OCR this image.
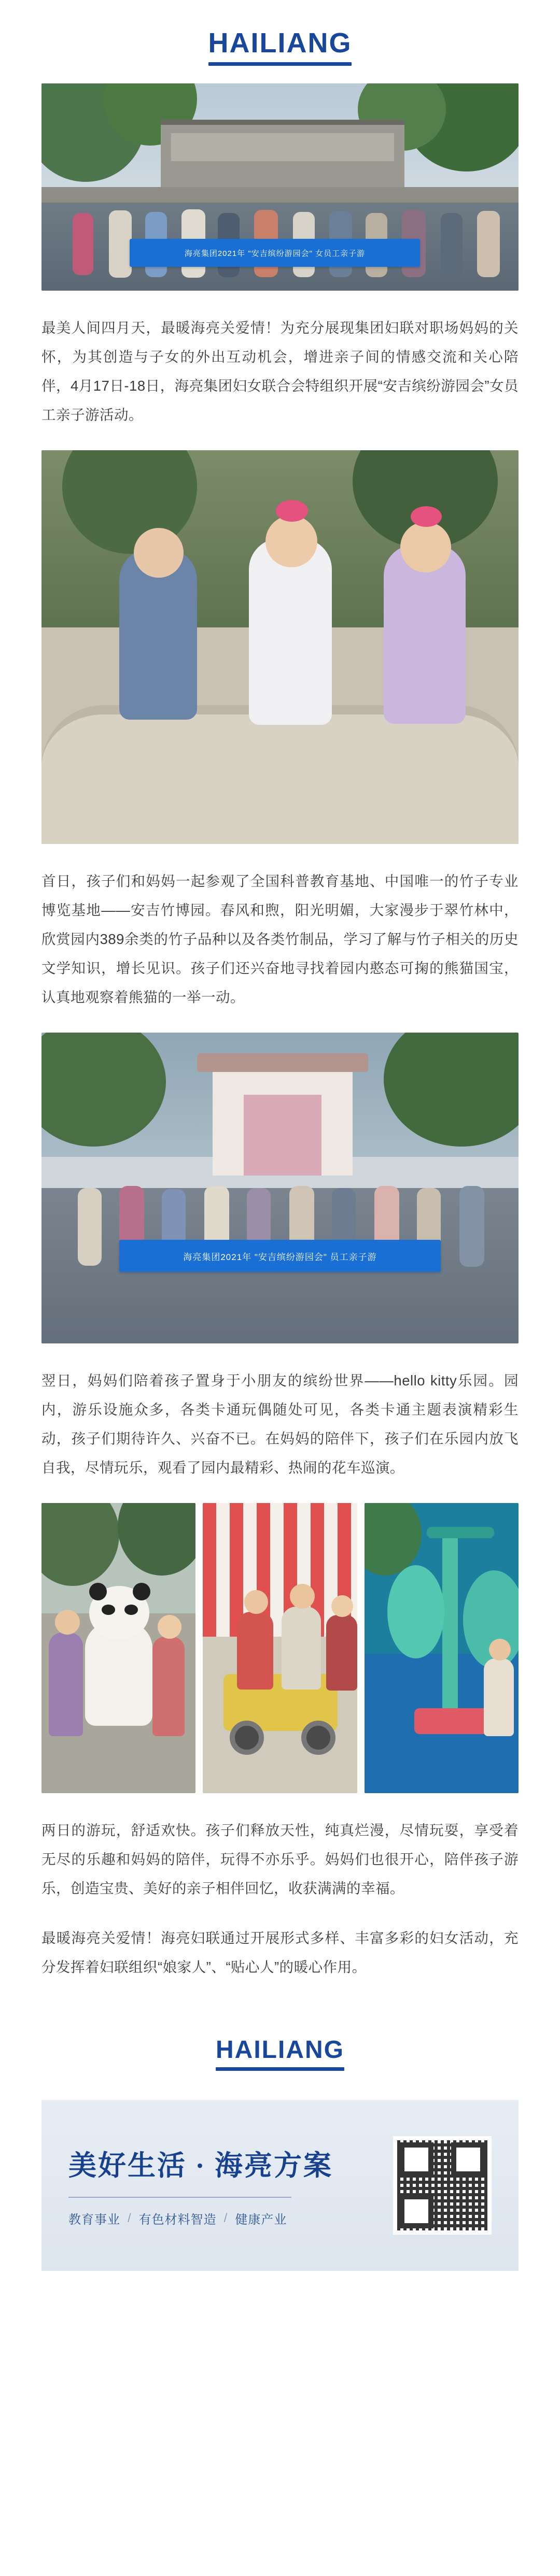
HAILIANG
海亮集团2021年 "安吉缤纷游园会" 女员工亲子游

最美人间四月天，最暖海亮关爱情！为充分展现集团妇联对职场妈妈的关怀，为其创造与子女的外出互动机会，增进亲子间的情感交流和关心陪伴，4月17日-18日，海亮集团妇女联合会特组织开展“安吉缤纷游园会”女员工亲子游活动。

首日，孩子们和妈妈一起参观了全国科普教育基地、中国唯一的竹子专业博览基地——安吉竹博园。春风和煦，阳光明媚，大家漫步于翠竹林中，欣赏园内389余类的竹子品种以及各类竹制品，学习了解与竹子相关的历史文学知识，增长见识。孩子们还兴奋地寻找着园内憨态可掬的熊猫国宝，认真地观察着熊猫的一举一动。

海亮集团2021年 "安吉缤纷游园会" 员工亲子游

翌日，妈妈们陪着孩子置身于小朋友的缤纷世界——hello kitty乐园。园内，游乐设施众多，各类卡通玩偶随处可见，各类卡通主题表演精彩生动，孩子们期待许久、兴奋不已。在妈妈的陪伴下，孩子们在乐园内放飞自我，尽情玩乐，观看了园内最精彩、热闹的花车巡演。

两日的游玩，舒适欢快。孩子们释放天性，纯真烂漫，尽情玩耍，享受着无尽的乐趣和妈妈的陪伴，玩得不亦乐乎。妈妈们也很开心，陪伴孩子游乐，创造宝贵、美好的亲子相伴回忆，收获满满的幸福。

最暖海亮关爱情！海亮妇联通过开展形式多样、丰富多彩的妇女活动，充分发挥着妇联组织“娘家人”、“贴心人”的暖心作用。

HAILIANG
美好生活 · 海亮方案
教育事业 / 有色材料智造 / 健康产业
